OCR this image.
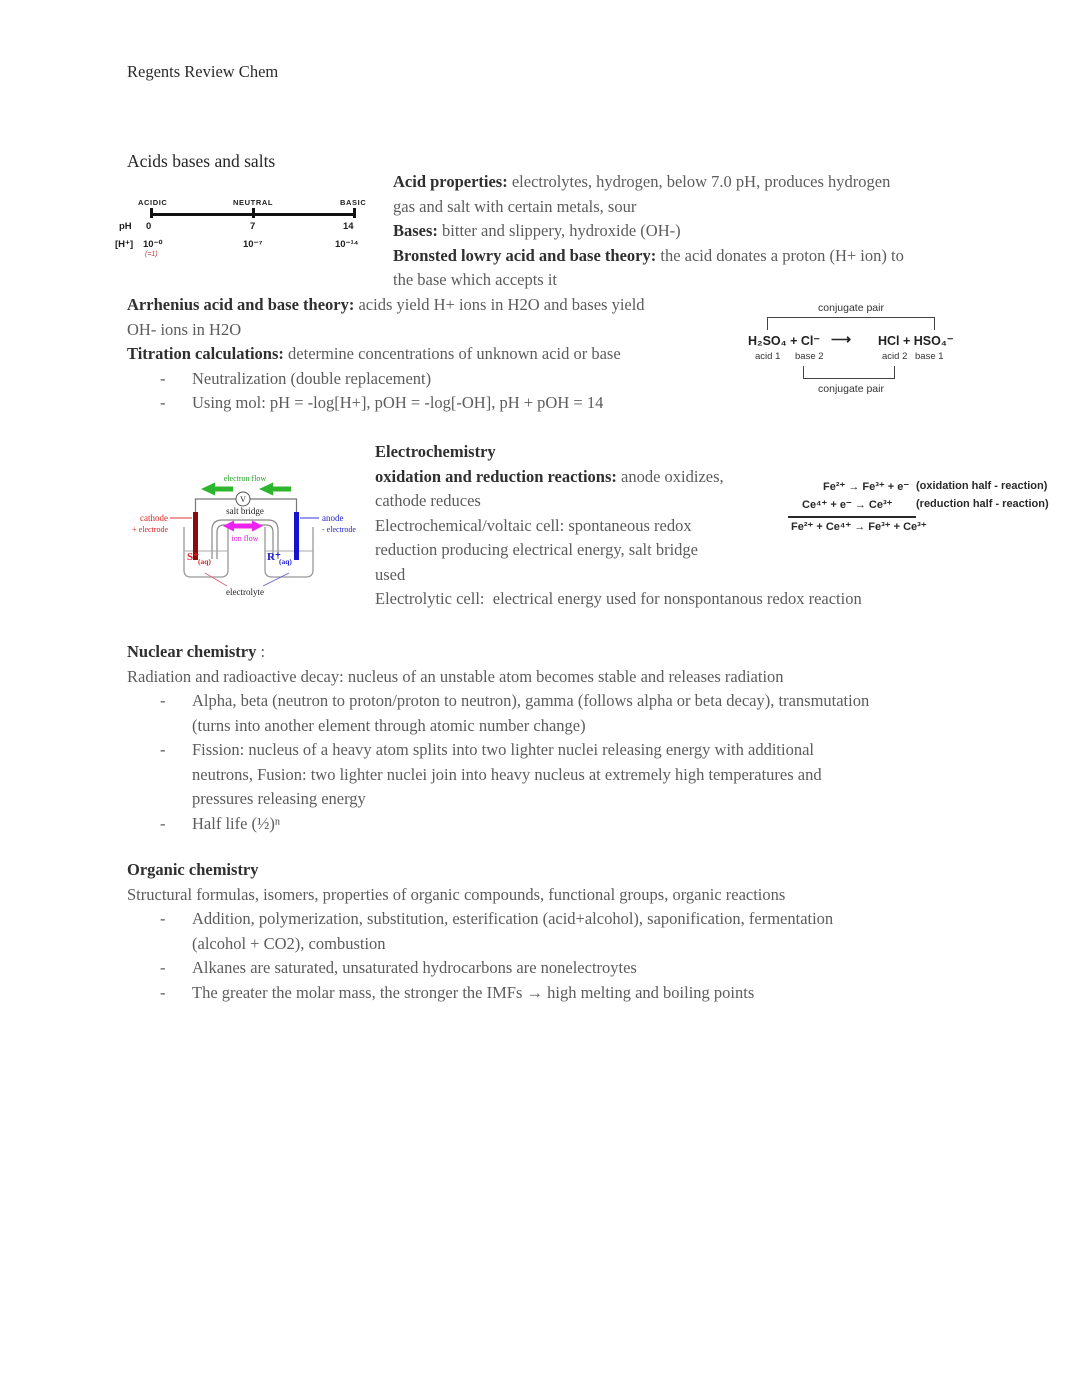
Regents Review Chem
Acids bases and salts
ACIDIC	NEUTRAL	BASIC
pH 0	7	14
[H⁺] 10⁻⁰	10⁻⁷	10⁻¹⁴
(=1)
Acid properties: electrolytes, hydrogen, below 7.0 pH, produces hydrogen
gas and salt with certain metals, sour
Bases: bitter and slippery, hydroxide (OH-)
Bronsted lowry acid and base theory: the acid donates a proton (H+ ion) to
the base which accepts it
Arrhenius acid and base theory: acids yield H+ ions in H2O and bases yield
OH- ions in H2O
Titration calculations: determine concentrations of unknown acid or base
- Neutralization (double replacement)
- Using mol: pH = -log[H+], pOH = -log[-OH], pH + pOH = 14
conjugate pair
H₂SO₄ + Cl⁻ ⟶ HCl + HSO₄⁻
acid 1 base 2	acid 2 base 1
conjugate pair
Electrochemistry
oxidation and reduction reactions: anode oxidizes,
cathode reduces
Electrochemical/voltaic cell: spontaneous redox
reduction producing electrical energy, salt bridge
used
Electrolytic cell:  electrical energy used for nonspontanous redox reaction
electron flow
V
salt bridge
cathode
+ electrode
anode
- electrode
ion flow
S⁺ (aq)	R⁺
(aq)
electrolyte
Fe²⁺ → Fe³⁺ + e⁻ (oxidation half - reaction)
Ce⁴⁺ + e⁻ → Ce³⁺ (reduction half - reaction)
Fe²⁺ + Ce⁴⁺ → Fe³⁺ + Ce³⁺
Nuclear chemistry :
Radiation and radioactive decay: nucleus of an unstable atom becomes stable and releases radiation
- Alpha, beta (neutron to proton/proton to neutron), gamma (follows alpha or beta decay), transmutation
(turns into another element through atomic number change)
- Fission: nucleus of a heavy atom splits into two lighter nuclei releasing energy with additional
neutrons, Fusion: two lighter nuclei join into heavy nucleus at extremely high temperatures and
pressures releasing energy
- Half life (½)ⁿ
Organic chemistry
Structural formulas, isomers, properties of organic compounds, functional groups, organic reactions
- Addition, polymerization, substitution, esterification (acid+alcohol), saponification, fermentation
(alcohol + CO2), combustion
- Alkanes are saturated, unsaturated hydrocarbons are nonelectroytes
- The greater the molar mass, the stronger the IMFs → high melting and boiling points
